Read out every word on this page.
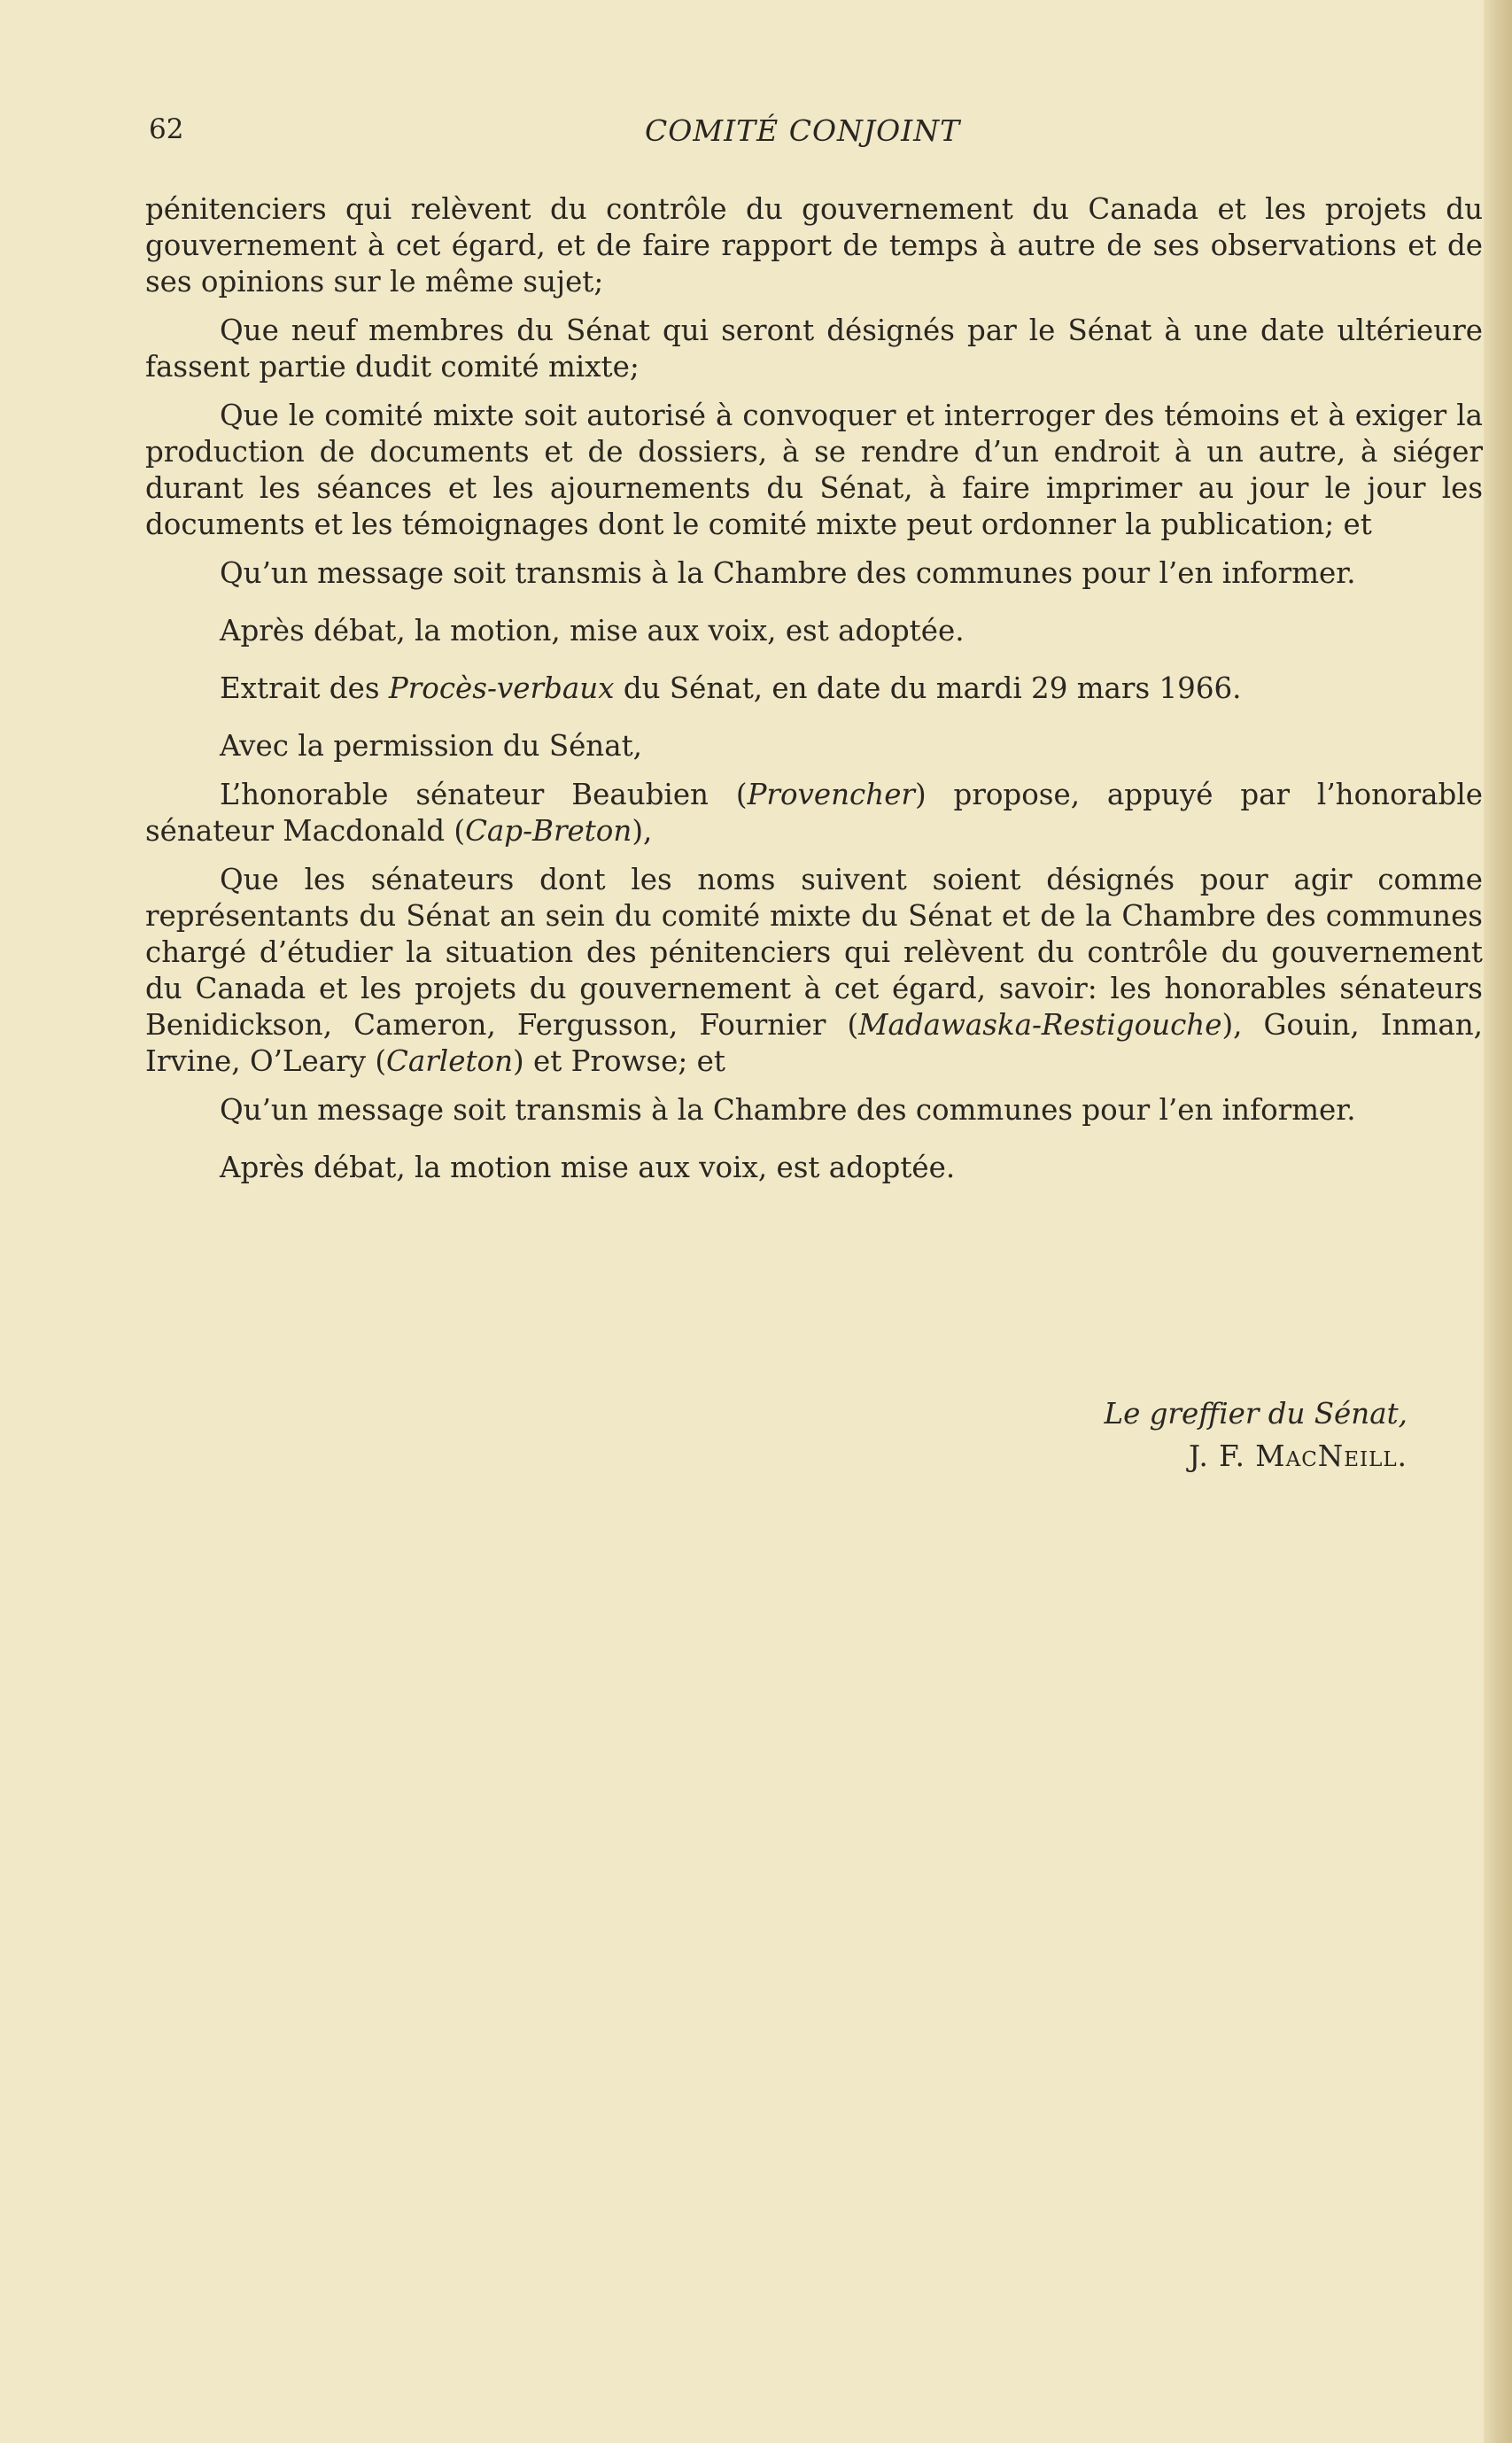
62	COMITÉ CONJOINT

pénitenciers qui relèvent du contrôle du gouvernement du Canada et les projets du gouvernement à cet égard, et de faire rapport de temps à autre de ses observations et de ses opinions sur le même sujet;

Que neuf membres du Sénat qui seront désignés par le Sénat à une date ultérieure fassent partie dudit comité mixte;

Que le comité mixte soit autorisé à convoquer et interroger des témoins et à exiger la production de documents et de dossiers, à se rendre d’un endroit à un autre, à siéger durant les séances et les ajournements du Sénat, à faire imprimer au jour le jour les documents et les témoignages dont le comité mixte peut ordonner la publication; et

Qu’un message soit transmis à la Chambre des communes pour l’en informer.

Après débat, la motion, mise aux voix, est adoptée.

Extrait des Procès-verbaux du Sénat, en date du mardi 29 mars 1966.

Avec la permission du Sénat,

L’honorable sénateur Beaubien (Provencher) propose, appuyé par l’honorable sénateur Macdonald (Cap-Breton),

Que les sénateurs dont les noms suivent soient désignés pour agir comme représentants du Sénat an sein du comité mixte du Sénat et de la Chambre des communes chargé d’étudier la situation des pénitenciers qui relèvent du contrôle du gouvernement du Canada et les projets du gouvernement à cet égard, savoir: les honorables sénateurs Benidickson, Cameron, Fergusson, Fournier (Madawaska-Restigouche), Gouin, Inman, Irvine, O’Leary (Carleton) et Prowse; et

Qu’un message soit transmis à la Chambre des communes pour l’en informer.

Après débat, la motion mise aux voix, est adoptée.

Le greffier du Sénat,
J. F. MacNeill.
